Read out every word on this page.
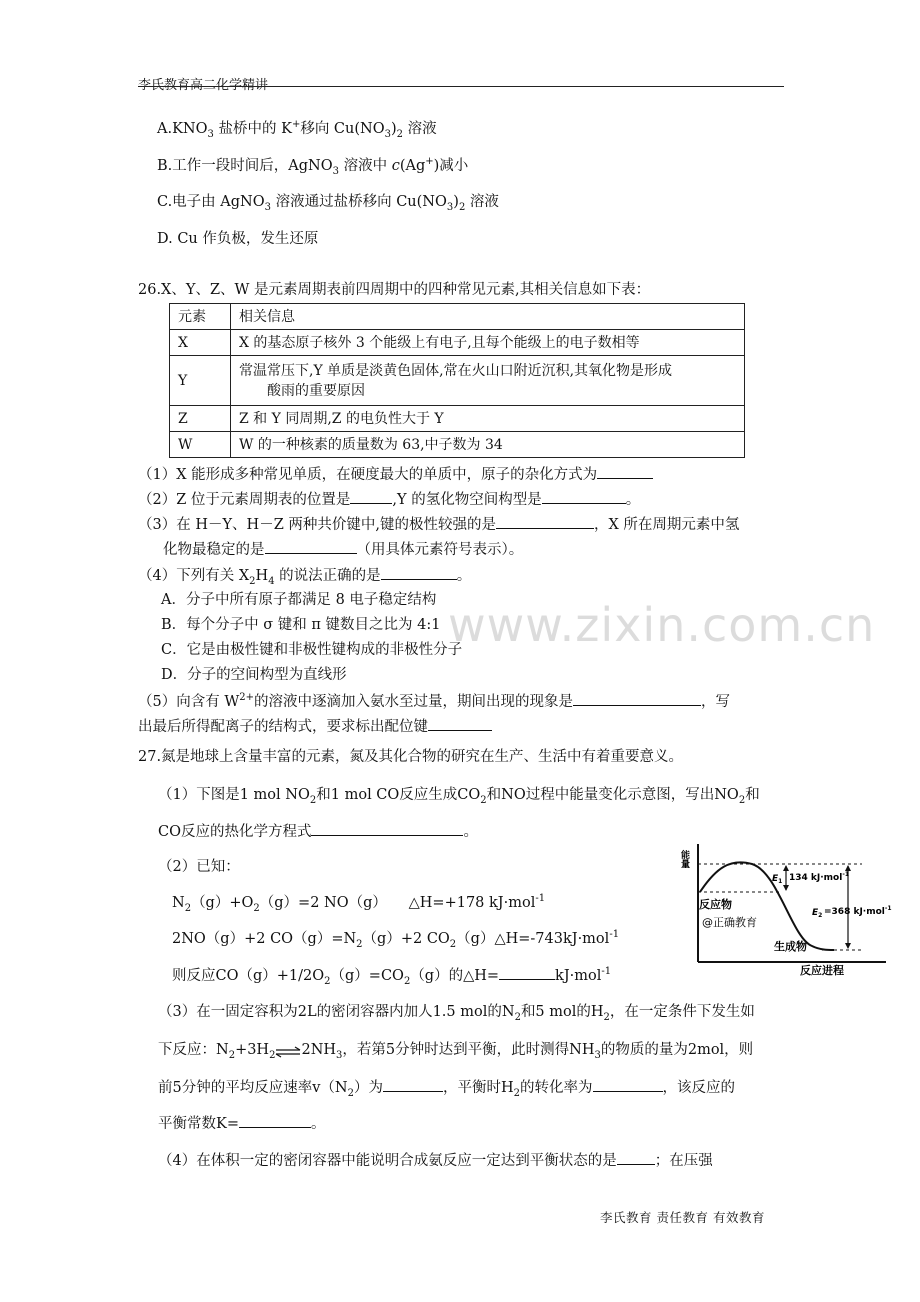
李氏教育高二化学精讲
www.zixin.com.cn
$A.KNO_3$ 盐桥中的 K+移向 $Cu(NO_3)_2$ 溶液
B.工作一段时间后，AgNO$_3$ 溶液中 c(Ag+)减小
C.电子由 AgNO$_3$ 溶液通过盐桥移向 $Cu(NO_3)_2$ 溶液
D. Cu 作负极，发生还原
26.X、Y、Z、W 是元素周期表前四周期中的四种常见元素,其相关信息如下表：
元素	相关信息
X	X 的基态原子核外 3 个能级上有电子,且每个能级上的电子数相等
Y	常温常压下,Y 单质是淡黄色固体,常在火山口附近沉积,其氧化物是形成
酸雨的重要原因

Z	Z 和 Y 同周期,Z 的电负性大于 Y
W	W 的一种核素的质量数为 63,中子数为 34
（1）X 能形成多种常见单质，在硬度最大的单质中，原子的杂化方式为
（2）Z 位于元素周期表的位置是	,Y 的氢化物空间构型是	。
（3）在 H－Y、H－Z 两种共价键中,键的极性较强的是	，X 所在周期元素中氢
化物最稳定的是	（用具体元素符号表示）。
（4）下列有关 $X_2H_4$ 的说法正确的是	。
A．分子中所有原子都满足 8 电子稳定结构
B．每个分子中 σ 键和 π 键数目之比为 4:1
C．它是由极性键和非极性键构成的非极性分子
D．分子的空间构型为直线形
（5）向含有 $W^{2+}$的溶液中逐滴加入氨水至过量，期间出现的现象是	，写
出最后所得配离子的结构式，要求标出配位键
27.氮是地球上含量丰富的元素，氮及其化合物的研究在生产、生活中有着重要意义。
（1）下图是1 mol $NO_2$和1 mol CO反应生成$CO_2$和NO过程中能量变化示意图，写出$NO_2$和
CO反应的热化学方程式	。
（2）已知：
$N_2(g)+O_2(g)=2$ NO（g）　　△H=+178 kJ·mol$^{-1}$
2NO（g）+2 $CO(g)=N_2(g)+2$ $CO_2(g)\triangle H=-743kJ\cdot mol^{-1}$
则反应$CO(g)+1/2O_2(g)=CO_2(g)$的△H=	kJ·mol$^{-1}$
（3）在一固定容积为2L的密闭容器内加人1.5 mol的$N_2$和5 mol的$H_2$，在一定条件下发生如
下反应：$N_2+3H_2\rightleftharpoons 2NH_3$，若第5分钟时达到平衡，此时测得$NH_3$的物质的量为2mol，则
前5分钟的平均反应速率$v(N_2)$为	，平衡时$H_2$的转化率为	，该反应的
平衡常数K=	。
（4）在体积一定的密闭容器中能说明合成氨反应一定达到平衡状态的是	；在压强
能量
$E_1$ 134 kJ·mol$^{-1}$
$E_2 =368$ kJ·mol$^{-1}$
反应物
@正确教育
生成物
反应进程
李氏教育 责任教育 有效教育
